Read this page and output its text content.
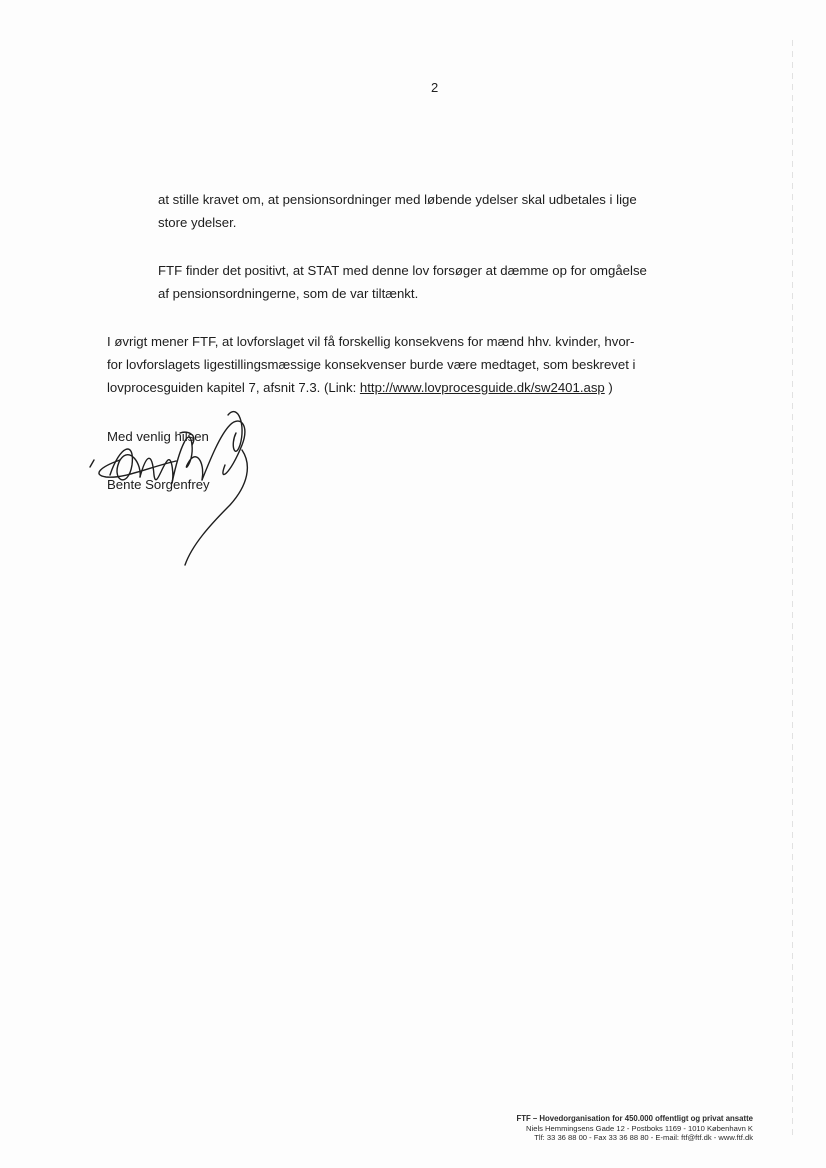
2
at stille kravet om, at pensionsordninger med løbende ydelser skal udbetales i lige
store ydelser.
FTF finder det positivt, at STAT med denne lov forsøger at dæmme op for omgåelse
af pensionsordningerne, som de var tiltænkt.
I øvrigt mener FTF, at lovforslaget vil få forskellig konsekvens for mænd hhv. kvinder, hvor-
for lovforslagets ligestillingsmæssige konsekvenser burde være medtaget, som beskrevet i
lovprocesguiden kapitel 7, afsnit 7.3. (Link: http://www.lovprocesguide.dk/sw2401.asp )
Med venlig hilsen
Bente Sorgenfrey
FTF – Hovedorganisation for 450.000 offentligt og privat ansatte
Niels Hemmingsens Gade 12 - Postboks 1169 - 1010 København K
Tlf: 33 36 88 00 - Fax 33 36 88 80 - E-mail: ftf@ftf.dk - www.ftf.dk
